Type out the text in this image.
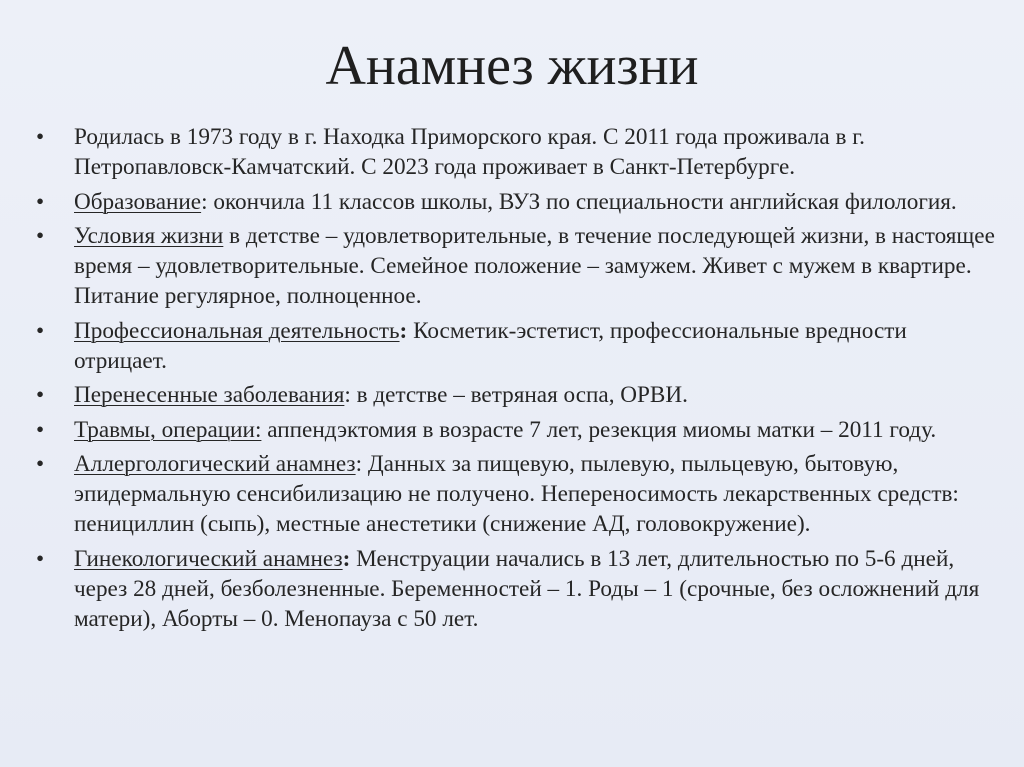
Анамнез жизни
•	Родилась в 1973 году в г. Находка Приморского края. С 2011 года проживала в г. Петропавловск-Камчатский. С 2023 года проживает в Санкт-Петербурге.
•	Образование: окончила 11 классов школы, ВУЗ по специальности английская филология.
•	Условия жизни в детстве – удовлетворительные, в течение последующей жизни, в настоящее время – удовлетворительные. Семейное положение – замужем. Живет с мужем в квартире. Питание регулярное, полноценное.
•	Профессиональная деятельность: Косметик-эстетист, профессиональные вредности отрицает.
•	Перенесенные заболевания: в детстве – ветряная оспа, ОРВИ.
•	Травмы, операции: аппендэктомия в возрасте 7 лет, резекция миомы матки – 2011 году.
•	Аллергологический анамнез: Данных за пищевую, пылевую, пыльцевую, бытовую, эпидермальную сенсибилизацию не получено. Непереносимость лекарственных средств: пенициллин (сыпь), местные анестетики (снижение АД, головокружение).
•	Гинекологический анамнез: Менструации начались в 13 лет, длительностью по 5-6 дней, через 28 дней, безболезненные. Беременностей – 1. Роды – 1 (срочные, без осложнений для матери), Аборты – 0. Менопауза с 50 лет.
